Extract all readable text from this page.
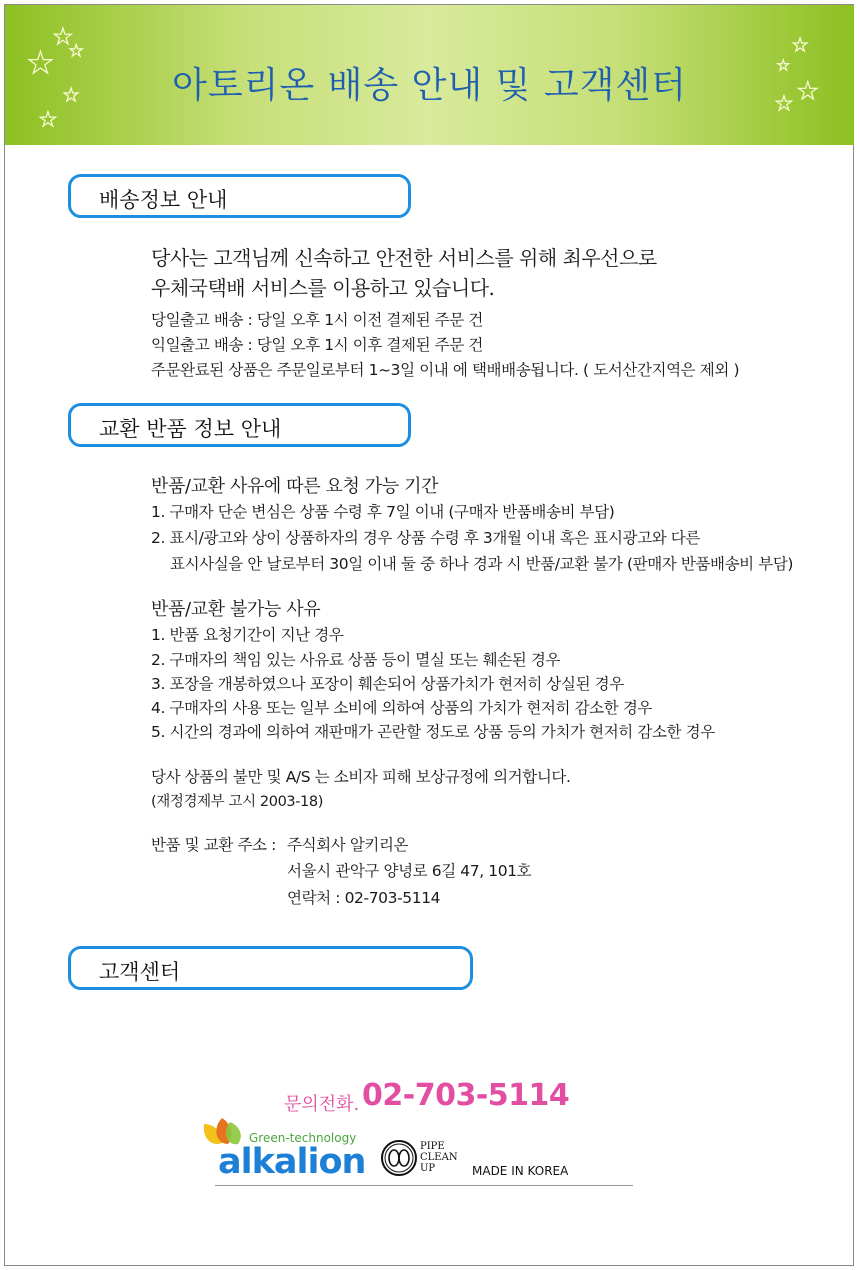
★
★
★
★
★
★
★
★
★
아토리온 배송 안내 및 고객센터
배송정보 안내
당사는 고객님께 신속하고 안전한 서비스를 위해 최우선으로
우체국택배 서비스를 이용하고 있습니다.
당일출고 배송 : 당일 오후 1시 이전 결제된 주문 건
익일출고 배송 : 당일 오후 1시 이후 결제된 주문 건
주문완료된 상품은 주문일로부터 1~3일 이내 에 택배배송됩니다. ( 도서산간지역은 제외 )
교환 반품 정보 안내
반품/교환 사유에 따른 요청 가능 기간
1. 구매자 단순 변심은 상품 수령 후 7일 이내 (구매자 반품배송비 부담)
2. 표시/광고와 상이 상품하자의 경우 상품 수령 후 3개월 이내 혹은 표시광고와 다른
표시사실을 안 날로부터 30일 이내 둘 중 하나 경과 시 반품/교환 불가 (판매자 반품배송비 부담)
반품/교환 불가능 사유
1. 반품 요청기간이 지난 경우
2. 구매자의 책임 있는 사유료 상품 등이 멸실 또는 훼손된 경우
3. 포장을 개봉하였으나 포장이 훼손되어 상품가치가 현저히 상실된 경우
4. 구매자의 사용 또는 일부 소비에 의하여 상품의 가치가 현저히 감소한 경우
5. 시간의 경과에 의하여 재판매가 곤란할 정도로 상품 등의 가치가 현저히 감소한 경우
당사 상품의 불만 및 A/S 는 소비자 피해 보상규정에 의거합니다.
(재정경제부 고시 2003-18)
반품 및 교환 주소 : 주식회사 알키리온
서울시 관악구 양녕로 6길 47, 101호
연락처 : 02-703-5114
고객센터
문의전화. 02-703-5114
Green-technology
alkalion	PIPE
CLEAN
UP	MADE IN KOREA
